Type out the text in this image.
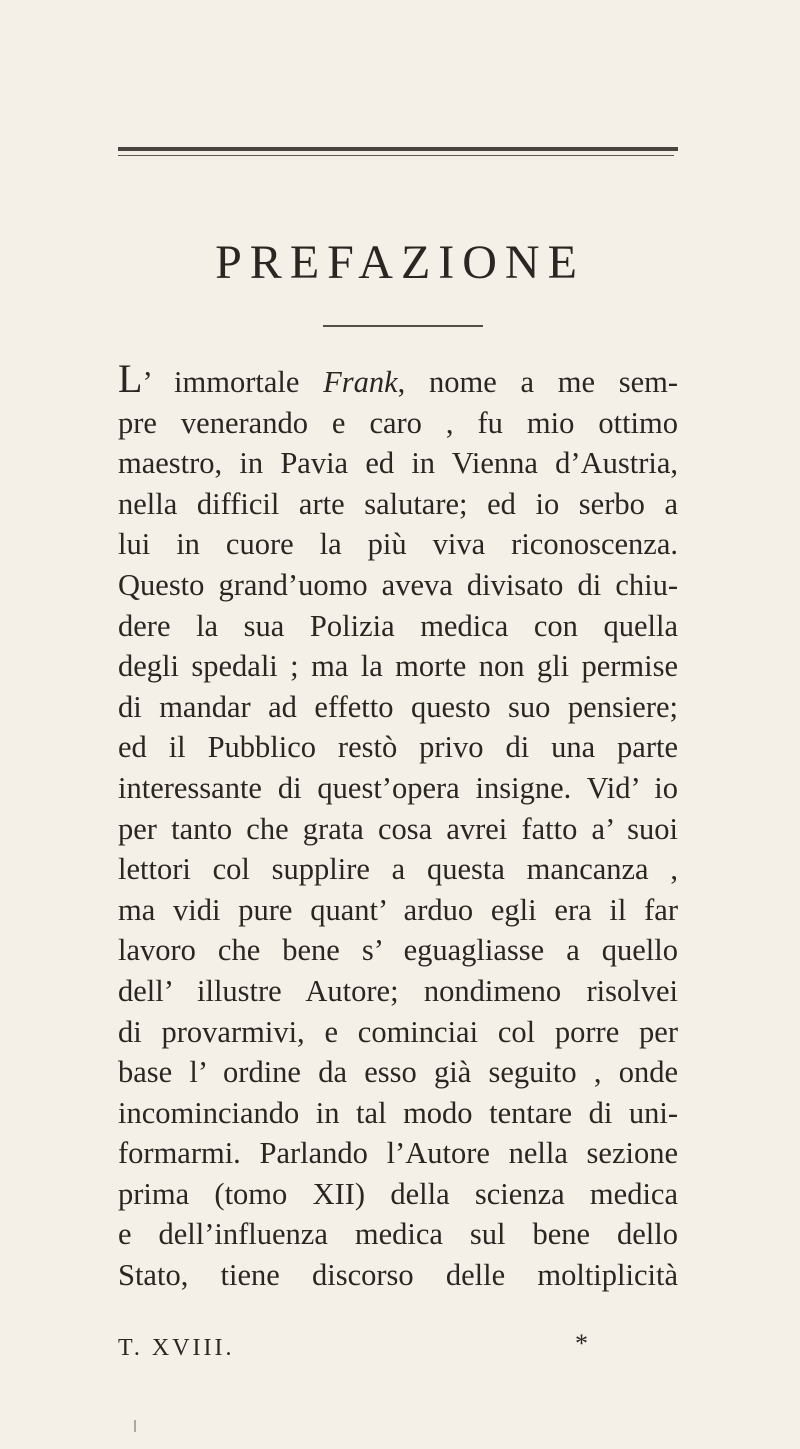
PREFAZIONE
L’ immortale Frank, nome a me sem-
pre venerando e caro , fu mio ottimo
maestro, in Pavia ed in Vienna d’Austria,
nella difficil arte salutare; ed io serbo a
lui in cuore la più viva riconoscenza.
Questo grand’uomo aveva divisato di chiu-
dere la sua Polizia medica con quella
degli spedali ; ma la morte non gli permise
di mandar ad effetto questo suo pensiere;
ed il Pubblico restò privo di una parte
interessante di quest’opera insigne. Vid’ io
per tanto che grata cosa avrei fatto a’ suoi
lettori col supplire a questa mancanza ,
ma vidi pure quant’ arduo egli era il far
lavoro che bene s’ eguagliasse a quello
dell’ illustre Autore; nondimeno risolvei
di provarmivi, e cominciai col porre per
base l’ ordine da esso già seguito , onde
incominciando in tal modo tentare di uni-
formarmi. Parlando l’Autore nella sezione
prima (tomo XII) della scienza medica
e dell’influenza medica sul bene dello
Stato, tiene discorso delle moltiplicità
T. XVIII.	*
